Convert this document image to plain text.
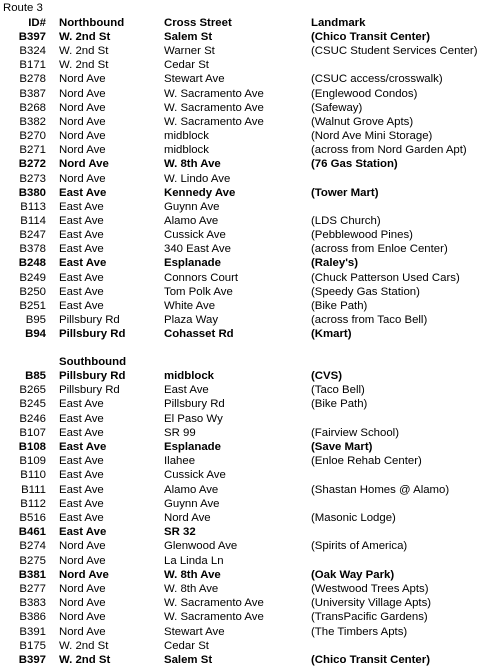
Route 3
ID# Northbound	Cross Street	Landmark
B397 W. 2nd St	Salem St	(Chico Transit Center)
B324 W. 2nd St	Warner St	(CSUC Student Services Center)
B171 W. 2nd St	Cedar St
B278 Nord Ave	Stewart Ave	(CSUC access/crosswalk)
B387 Nord Ave	W. Sacramento Ave	(Englewood Condos)
B268 Nord Ave	W. Sacramento Ave	(Safeway)
B382 Nord Ave	W. Sacramento Ave	(Walnut Grove Apts)
B270 Nord Ave	midblock	(Nord Ave Mini Storage)
B271 Nord Ave	midblock	(across from Nord Garden Apt)
B272 Nord Ave	W. 8th Ave	(76 Gas Station)
B273 Nord Ave	W. Lindo Ave
B380 East Ave	Kennedy Ave	(Tower Mart)
B113 East Ave	Guynn Ave
B114 East Ave	Alamo Ave	(LDS Church)
B247 East Ave	Cussick Ave	(Pebblewood Pines)
B378 East Ave	340 East Ave	(across from Enloe Center)
B248 East Ave	Esplanade	(Raley's)
B249 East Ave	Connors Court	(Chuck Patterson Used Cars)
B250 East Ave	Tom Polk Ave	(Speedy Gas Station)
B251 East Ave	White Ave	(Bike Path)
B95 Pillsbury Rd	Plaza Way	(across from Taco Bell)
B94 Pillsbury Rd	Cohasset Rd	(Kmart)
Southbound
B85 Pillsbury Rd	midblock	(CVS)
B265 Pillsbury Rd	East Ave	(Taco Bell)
B245 East Ave	Pillsbury Rd	(Bike Path)
B246 East Ave	El Paso Wy
B107 East Ave	SR 99	(Fairview School)
B108 East Ave	Esplanade	(Save Mart)
B109 East Ave	Ilahee	(Enloe Rehab Center)
B110 East Ave	Cussick Ave
B111 East Ave	Alamo Ave	(Shastan Homes @ Alamo)
B112 East Ave	Guynn Ave
B516 East Ave	Nord Ave	(Masonic Lodge)
B461 East Ave	SR 32
B274 Nord Ave	Glenwood Ave	(Spirits of America)
B275 Nord Ave	La Linda Ln
B381 Nord Ave	W. 8th Ave	(Oak Way Park)
B277 Nord Ave	W. 8th Ave	(Westwood Trees Apts)
B383 Nord Ave	W. Sacramento Ave	(University Village Apts)
B386 Nord Ave	W. Sacramento Ave	(TransPacific Gardens)
B391 Nord Ave	Stewart Ave	(The Timbers Apts)
B175 W. 2nd St	Cedar St
B397 W. 2nd St	Salem St	(Chico Transit Center)
